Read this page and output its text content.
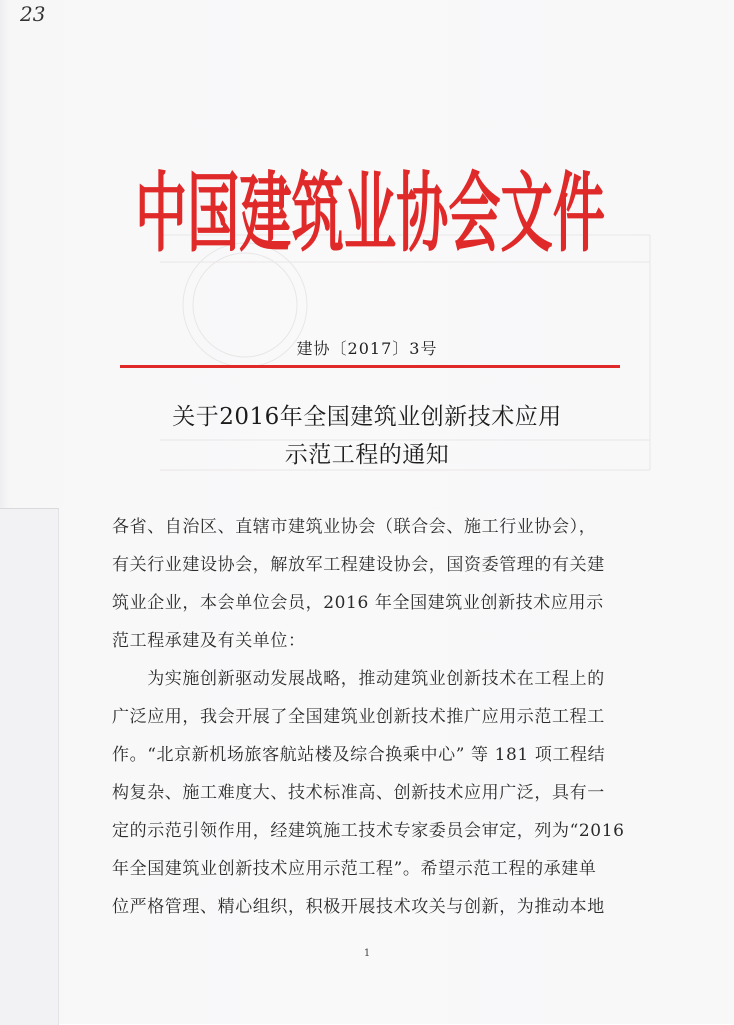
23
中国建筑业协会文件
建协〔2017〕3号
关于2016年全国建筑业创新技术应用
示范工程的通知
各省、自治区、直辖市建筑业协会（联合会、施工行业协会），
有关行业建设协会，解放军工程建设协会，国资委管理的有关建
筑业企业，本会单位会员，2016 年全国建筑业创新技术应用示
范工程承建及有关单位：
　　为实施创新驱动发展战略，推动建筑业创新技术在工程上的
广泛应用，我会开展了全国建筑业创新技术推广应用示范工程工
作。“北京新机场旅客航站楼及综合换乘中心” 等 181 项工程结
构复杂、施工难度大、技术标准高、创新技术应用广泛，具有一
定的示范引领作用，经建筑施工技术专家委员会审定，列为“2016
年全国建筑业创新技术应用示范工程”。希望示范工程的承建单
位严格管理、精心组织，积极开展技术攻关与创新，为推动本地
1
